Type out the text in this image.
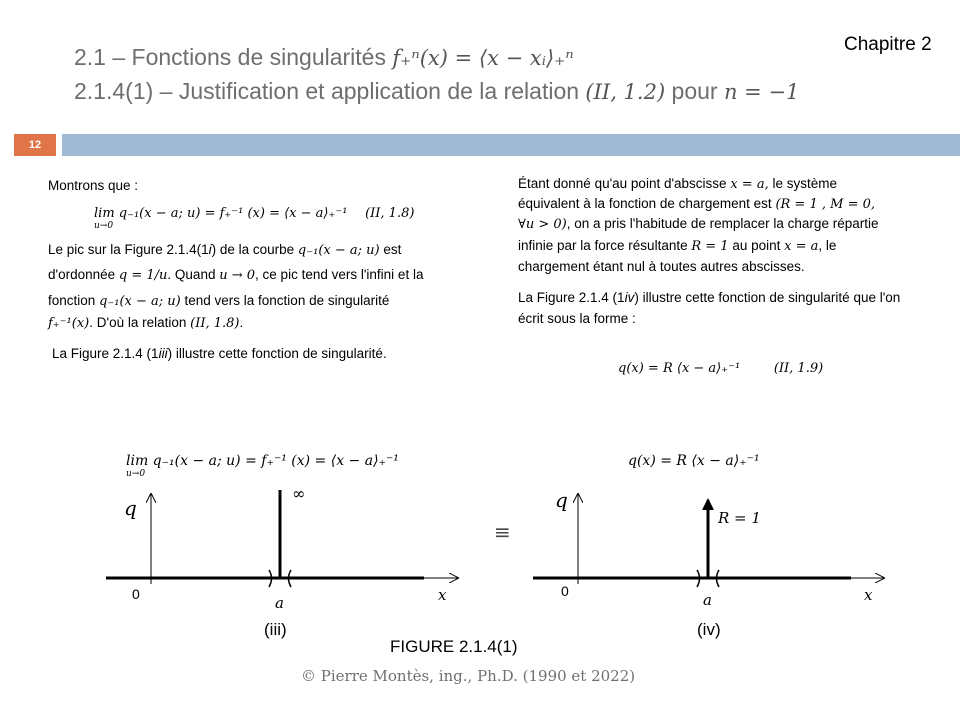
Chapitre 2
2.1 – Fonctions de singularités f₊ⁿ(x) = ⟨x − xᵢ⟩₊ⁿ
2.1.4(1) – Justification et application de la relation (II, 1.2) pour n = −1
12
Montrons que :
lim q₋₁(x − a; u) = f₊⁻¹ (x) = ⟨x − a⟩₊⁻¹ (II, 1.8)
u→0
Le pic sur la Figure 2.1.4(1i) de la courbe q₋₁(x − a; u) est
d'ordonnée q = 1/u. Quand u → 0, ce pic tend vers l'infini et la
fonction q₋₁(x − a; u) tend vers la fonction de singularité
f₊⁻¹(x). D'où la relation (II, 1.8).
La Figure 2.1.4 (1iii) illustre cette fonction de singularité.
Étant donné qu'au point d'abscisse x = a, le système
équivalent à la fonction de chargement est (R = 1 , M = 0,
∀u > 0), on a pris l'habitude de remplacer la charge répartie
infinie par la force résultante R = 1 au point x = a, le
chargement étant nul à toutes autres abscisses.
La Figure 2.1.4 (1iv) illustre cette fonction de singularité que l'on
écrit sous la forme :
q(x) = R ⟨x − a⟩₊⁻¹	(II, 1.9)
lim q₋₁(x − a; u) = f₊⁻¹ (x) = ⟨x − a⟩₊⁻¹
u→0
q(x) = R ⟨x − a⟩₊⁻¹
q
0	x
a
∞
≡
q
0	x
a
R = 1
(iii)	(iv)
FIGURE 2.1.4(1)
© Pierre Montès, ing., Ph.D. (1990 et 2022)
